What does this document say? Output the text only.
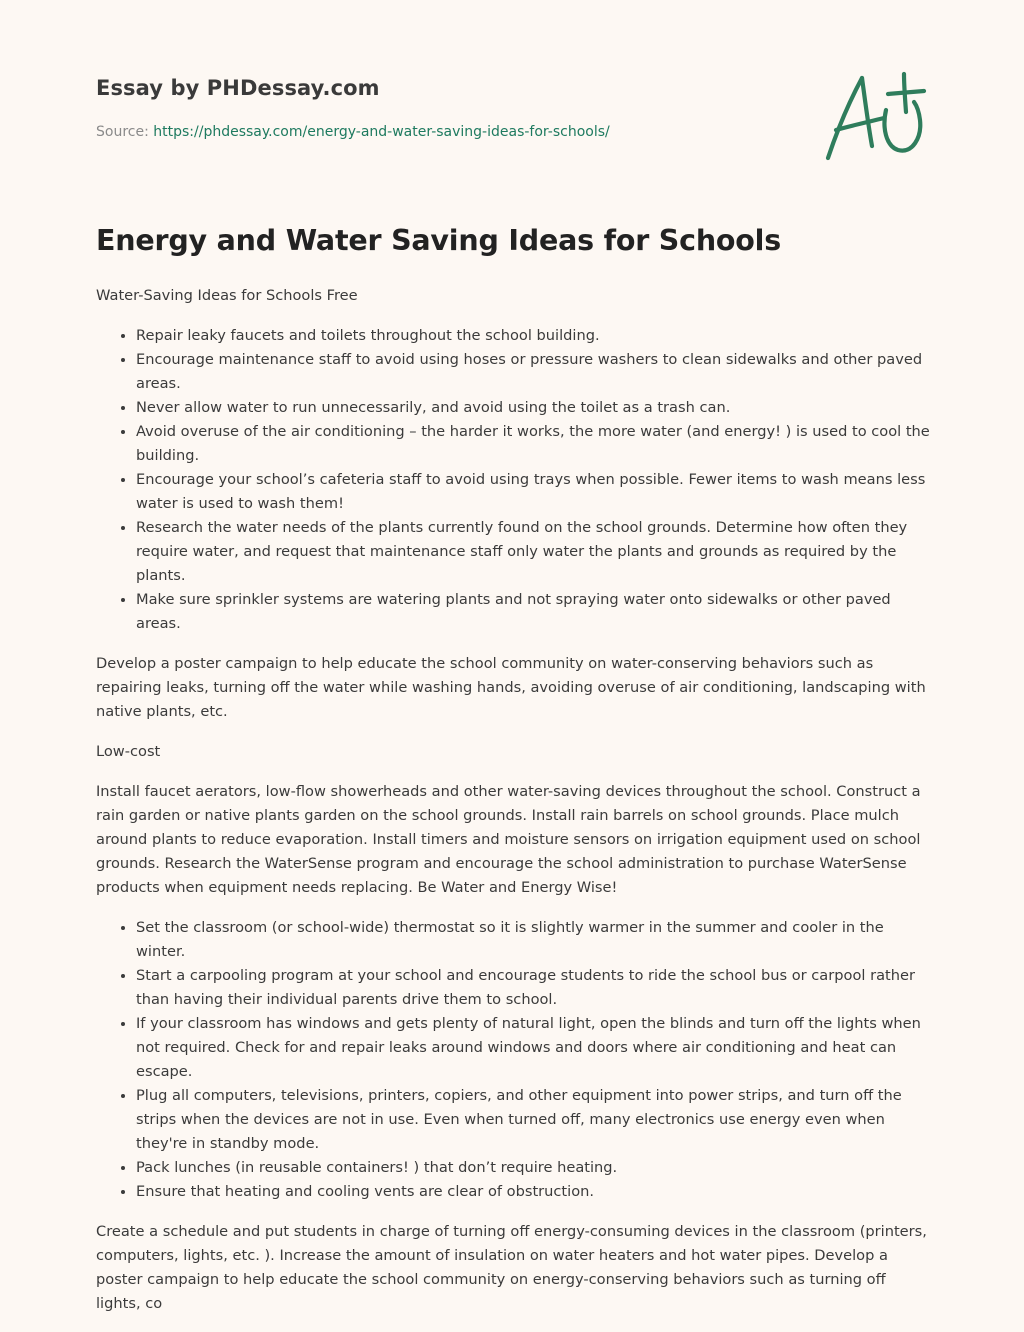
Essay by PHDessay.com
Source: https://phdessay.com/energy-and-water-saving-ideas-for-schools/
Energy and Water Saving Ideas for Schools

Water-Saving Ideas for Schools Free

• Repair leaky faucets and toilets throughout the school building.
• Encourage maintenance staff to avoid using hoses or pressure washers to clean sidewalks and other paved areas.
• Never allow water to run unnecessarily, and avoid using the toilet as a trash can.
• Avoid overuse of the air conditioning – the harder it works, the more water (and energy! ) is used to cool the building.
• Encourage your school’s cafeteria staff to avoid using trays when possible. Fewer items to wash means less water is used to wash them!
• Research the water needs of the plants currently found on the school grounds. Determine how often they require water, and request that maintenance staff only water the plants and grounds as required by the plants.
• Make sure sprinkler systems are watering plants and not spraying water onto sidewalks or other paved areas.

Develop a poster campaign to help educate the school community on water-conserving behaviors such as repairing leaks, turning off the water while washing hands, avoiding overuse of air conditioning, landscaping with native plants, etc.

Low-cost

Install faucet aerators, low-flow showerheads and other water-saving devices throughout the school. Construct a rain garden or native plants garden on the school grounds. Install rain barrels on school grounds. Place mulch around plants to reduce evaporation. Install timers and moisture sensors on irrigation equipment used on school grounds. Research the WaterSense program and encourage the school administration to purchase WaterSense products when equipment needs replacing. Be Water and Energy Wise!

• Set the classroom (or school-wide) thermostat so it is slightly warmer in the summer and cooler in the winter.
• Start a carpooling program at your school and encourage students to ride the school bus or carpool rather than having their individual parents drive them to school.
• If your classroom has windows and gets plenty of natural light, open the blinds and turn off the lights when not required. Check for and repair leaks around windows and doors where air conditioning and heat can escape.
• Plug all computers, televisions, printers, copiers, and other equipment into power strips, and turn off the strips when the devices are not in use. Even when turned off, many electronics use energy even when they're in standby mode.
• Pack lunches (in reusable containers! ) that don’t require heating.
• Ensure that heating and cooling vents are clear of obstruction.

Create a schedule and put students in charge of turning off energy-consuming devices in the classroom (printers, computers, lights, etc. ). Increase the amount of insulation on water heaters and hot water pipes. Develop a poster campaign to help educate the school community on energy-conserving behaviors such as turning off lights, co
